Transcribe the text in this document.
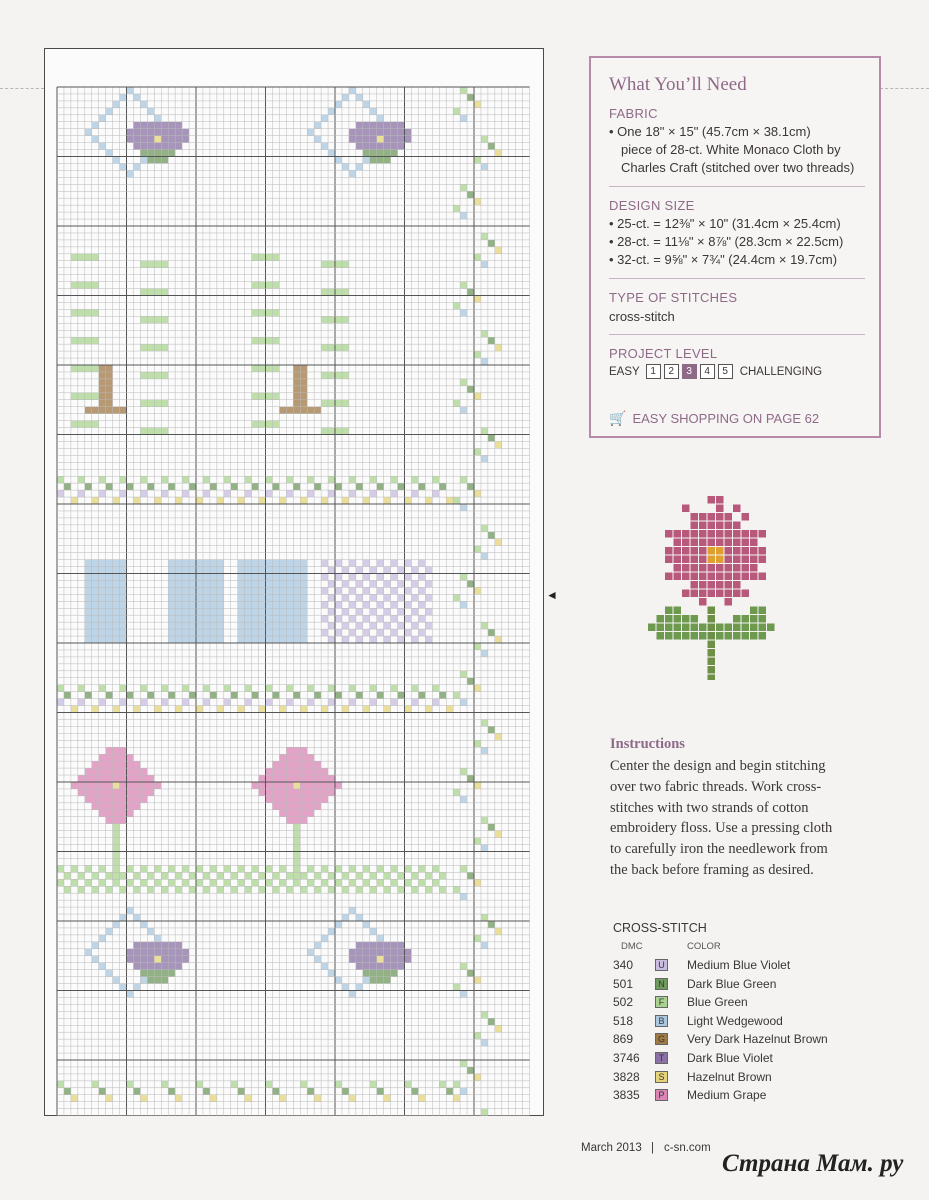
◄
What You’ll Need
FABRIC
• One 18" × 15" (45.7cm × 38.1cm)
piece of 28-ct. White Monaco Cloth by
Charles Craft (stitched over two threads)
DESIGN SIZE
• 25-ct. = 12⅜" × 10" (31.4cm × 25.4cm)
• 28-ct. = 11⅛" × 8⅞" (28.3cm × 22.5cm)
• 32-ct. = 9⅝" × 7¾" (24.4cm × 19.7cm)
TYPE OF STITCHES
cross-stitch
PROJECT LEVEL
EASY	1	2	3	4	5	CHALLENGING
🛒 EASY SHOPPING ON PAGE 62
Instructions
Center the design and begin stitching
over two fabric threads. Work cross-
stitches with two strands of cotton
embroidery floss. Use a pressing cloth
to carefully iron the needlework from
the back before framing as desired.
CROSS-STITCH
DMC	COLOR
340	U Medium Blue Violet
501	N Dark Blue Green
502	F	Blue Green
518	B Light Wedgewood
869	G Very Dark Hazelnut Brown
3746	T	Dark Blue Violet
3828	S Hazelnut Brown
3835	P Medium Grape
March 2013 | c-sn.com
Страна Мам. ру
